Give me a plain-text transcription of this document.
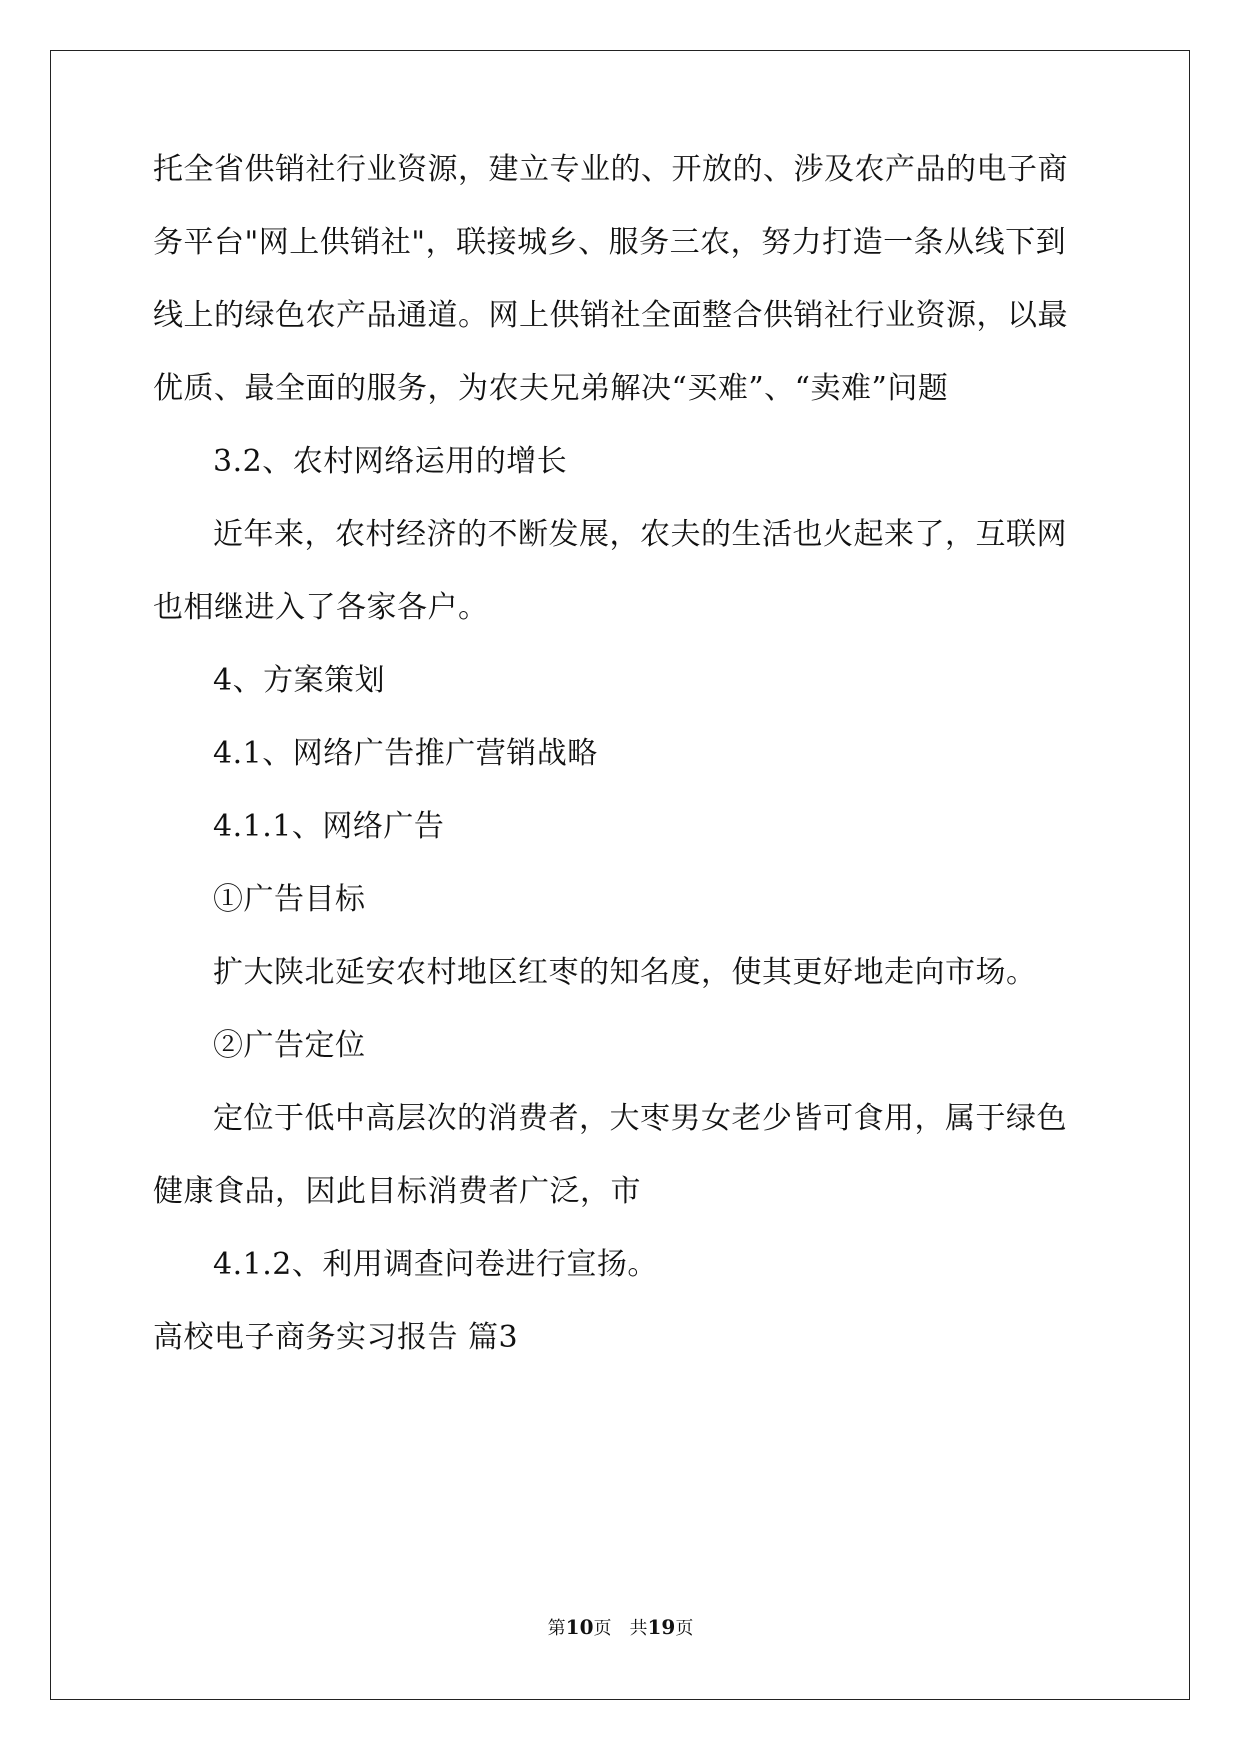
托全省供销社行业资源，建立专业的、开放的、涉及农产品的电子商
务平台"网上供销社"，联接城乡、服务三农，努力打造一条从线下到
线上的绿色农产品通道。网上供销社全面整合供销社行业资源，以最
优质、最全面的服务，为农夫兄弟解决“买难”、“卖难”问题
3.2、农村网络运用的增长
近年来，农村经济的不断发展，农夫的生活也火起来了，互联网
也相继进入了各家各户。
4、方案策划
4.1、网络广告推广营销战略
4.1.1、网络广告
①广告目标
扩大陕北延安农村地区红枣的知名度，使其更好地走向市场。
②广告定位
定位于低中高层次的消费者，大枣男女老少皆可食用，属于绿色
健康食品，因此目标消费者广泛，市
4.1.2、利用调查问卷进行宣扬。
高校电子商务实习报告 篇3
第10页 共19页
